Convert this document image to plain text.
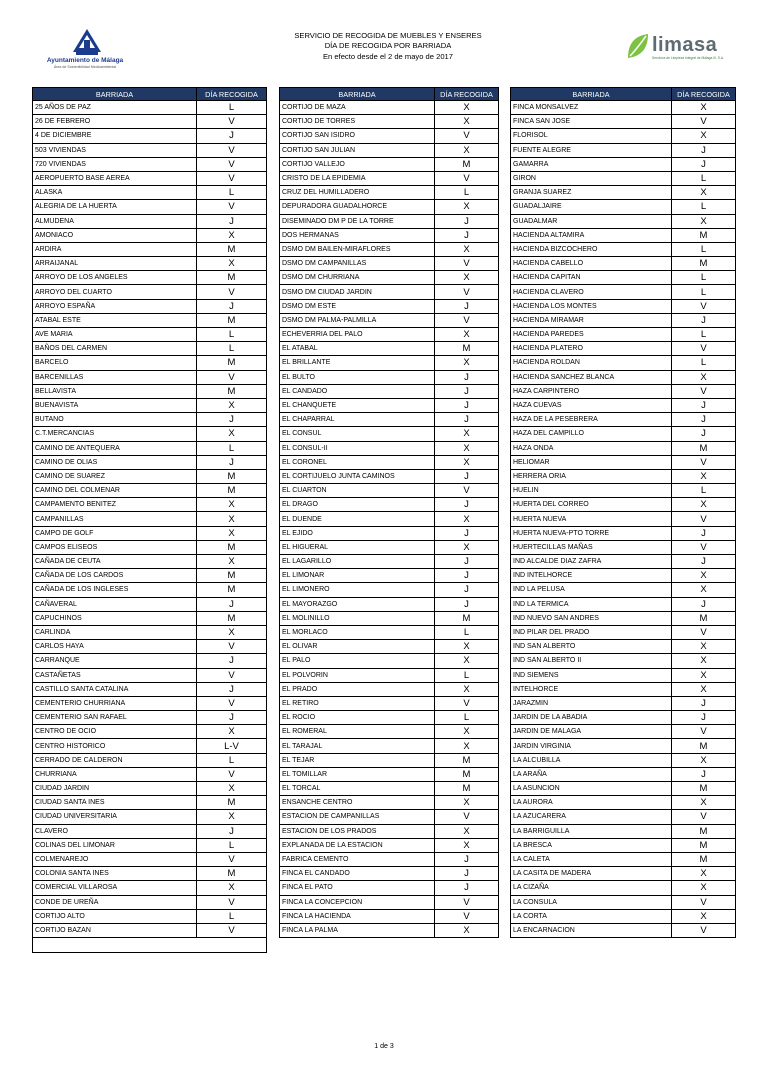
Ayuntamiento de Málaga
Área de Sostenibilidad Medioambiental
SERVICIO DE RECOGIDA DE MUEBLES Y ENSERES
DÍA DE RECOGIDA POR BARRIADA
En efecto desde el 2 de mayo de 2017
limasa
Servicios de Limpieza Integral de Málaga III, S.A.
BARRIADA	DÍA RECOGIDA
25 AÑOS DE PAZ	L
26 DE FEBRERO	V
4 DE DICIEMBRE	J
503 VIVIENDAS	V
720 VIVIENDAS	V
AEROPUERTO BASE AEREA	V
ALASKA	L
ALEGRIA DE LA HUERTA	V
ALMUDENA	J
AMONIACO	X
ARDIRA	M
ARRAIJANAL	X
ARROYO DE LOS ANGELES	M
ARROYO DEL CUARTO	V
ARROYO ESPAÑA	J
ATABAL ESTE	M
AVE MARIA	L
BAÑOS DEL CARMEN	L
BARCELO	M
BARCENILLAS	V
BELLAVISTA	M
BUENAVISTA	X
BUTANO	J
C.T.MERCANCIAS	X
CAMINO DE ANTEQUERA	L
CAMINO DE OLIAS	J
CAMINO DE SUAREZ	M
CAMINO DEL COLMENAR	M
CAMPAMENTO BENITEZ	X
CAMPANILLAS	X
CAMPO DE GOLF	X
CAMPOS ELISEOS	M
CAÑADA DE CEUTA	X
CAÑADA DE LOS CARDOS	M
CAÑADA DE LOS INGLESES	M
CAÑAVERAL	J
CAPUCHINOS	M
CARLINDA	X
CARLOS HAYA	V
CARRANQUE	J
CASTAÑETAS	V
CASTILLO SANTA CATALINA	J
CEMENTERIO CHURRIANA	V
CEMENTERIO SAN RAFAEL	J
CENTRO DE OCIO	X
CENTRO HISTORICO	L-V
CERRADO DE CALDERON	L
CHURRIANA	V
CIUDAD JARDIN	X
CIUDAD SANTA INES	M
CIUDAD UNIVERSITARIA	X
CLAVERO	J
COLINAS DEL LIMONAR	L
COLMENAREJO	V
COLONIA SANTA INES	M
COMERCIAL VILLAROSA	X
CONDE DE UREÑA	V
CORTIJO ALTO	L
CORTIJO BAZAN	V

BARRIADA	DÍA RECOGIDA
CORTIJO DE MAZA	X
CORTIJO DE TORRES	X
CORTIJO SAN ISIDRO	V
CORTIJO SAN JULIAN	X
CORTIJO VALLEJO	M
CRISTO DE LA EPIDEMIA	V
CRUZ DEL HUMILLADERO	L
DEPURADORA GUADALHORCE	X
DISEMINADO DM P DE LA TORRE	J
DOS HERMANAS	J
DSMO DM BAILEN-MIRAFLORES	X
DSMO DM CAMPANILLAS	V
DSMO DM CHURRIANA	X
DSMO DM CIUDAD JARDIN	V
DSMO DM ESTE	J
DSMO DM PALMA-PALMILLA	V
ECHEVERRIA DEL PALO	X
EL ATABAL	M
EL BRILLANTE	X
EL BULTO	J
EL CANDADO	J
EL CHANQUETE	J
EL CHAPARRAL	J
EL CONSUL	X
EL CONSUL-II	X
EL CORONEL	X
EL CORTIJUELO JUNTA CAMINOS	J
EL CUARTON	V
EL DRAGO	J
EL DUENDE	X
EL EJIDO	J
EL HIGUERAL	X
EL LAGARILLO	J
EL LIMONAR	J
EL LIMONERO	J
EL MAYORAZGO	J
EL MOLINILLO	M
EL MORLACO	L
EL OLIVAR	X
EL PALO	X
EL POLVORIN	L
EL PRADO	X
EL RETIRO	V
EL ROCIO	L
EL ROMERAL	X
EL TARAJAL	X
EL TEJAR	M
EL TOMILLAR	M
EL TORCAL	M
ENSANCHE CENTRO	X
ESTACION DE CAMPANILLAS	V
ESTACION DE LOS PRADOS	X
EXPLANADA DE LA ESTACION	X
FABRICA CEMENTO	J
FINCA EL CANDADO	J
FINCA EL PATO	J
FINCA LA CONCEPCION	V
FINCA LA HACIENDA	V
FINCA LA PALMA	X
BARRIADA	DÍA RECOGIDA
FINCA MONSALVEZ	X
FINCA SAN JOSE	V
FLORISOL	X
FUENTE ALEGRE	J
GAMARRA	J
GIRON	L
GRANJA SUAREZ	X
GUADALJAIRE	L
GUADALMAR	X
HACIENDA ALTAMIRA	M
HACIENDA BIZCOCHERO	L
HACIENDA CABELLO	M
HACIENDA CAPITAN	L
HACIENDA CLAVERO	L
HACIENDA LOS MONTES	V
HACIENDA MIRAMAR	J
HACIENDA PAREDES	L
HACIENDA PLATERO	V
HACIENDA ROLDAN	L
HACIENDA SANCHEZ BLANCA	X
HAZA CARPINTERO	V
HAZA CUEVAS	J
HAZA DE LA PESEBRERA	J
HAZA DEL CAMPILLO	J
HAZA ONDA	M
HELIOMAR	V
HERRERA ORIA	X
HUELIN	L
HUERTA DEL CORREO	X
HUERTA NUEVA	V
HUERTA NUEVA-PTO TORRE	J
HUERTECILLAS MAÑAS	V
IND ALCALDE DIAZ ZAFRA	J
IND INTELHORCE	X
IND LA PELUSA	X
IND LA TERMICA	J
IND NUEVO SAN ANDRES	M
IND PILAR DEL PRADO	V
IND SAN ALBERTO	X
IND SAN ALBERTO II	X
IND SIEMENS	X
INTELHORCE	X
JARAZMIN	J
JARDIN DE LA ABADIA	J
JARDIN DE MALAGA	V
JARDIN VIRGINIA	M
LA ALCUBILLA	X
LA ARAÑA	J
LA ASUNCION	M
LA AURORA	X
LA AZUCARERA	V
LA BARRIGUILLA	M
LA BRESCA	M
LA CALETA	M
LA CASITA DE MADERA	X
LA CIZAÑA	X
LA CONSULA	V
LA CORTA	X
LA ENCARNACION	V
1 de 3
